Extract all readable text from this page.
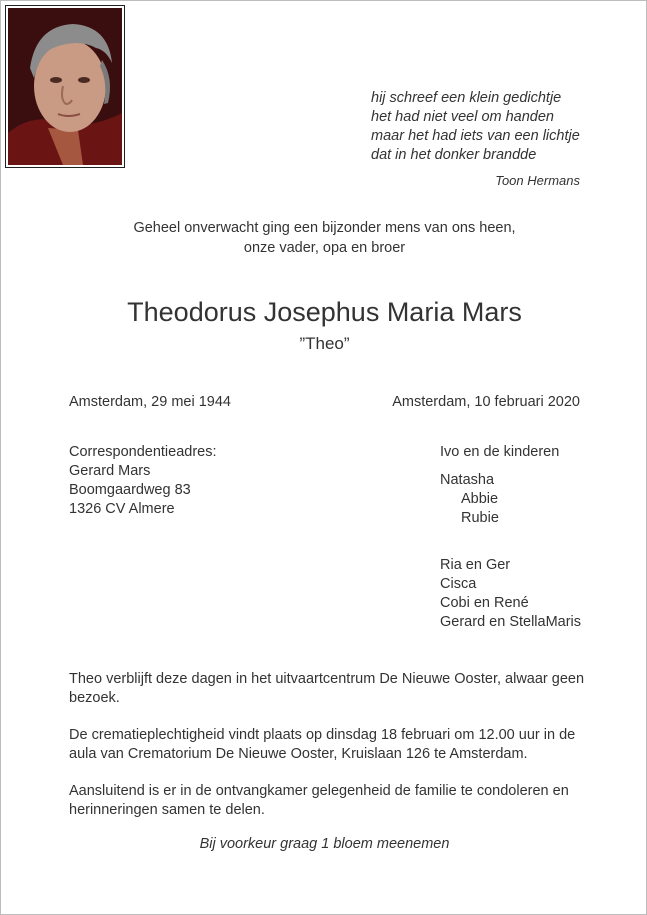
hij schreef een klein gedichtje
het had niet veel om handen
maar het had iets van een lichtje
dat in het donker brandde
Toon Hermans
Geheel onverwacht ging een bijzonder mens van ons heen,
onze vader, opa en broer
Theodorus Josephus Maria Mars
”Theo”
Amsterdam, 29 mei 1944	Amsterdam, 10 februari 2020
Correspondentieadres:
Gerard Mars
Boomgaardweg 83
1326 CV Almere
Ivo en de kinderen
Natasha
Abbie
Rubie
Ria en Ger
Cisca
Cobi en René
Gerard en StellaMaris

Theo verblijft deze dagen in het uitvaartcentrum De Nieuwe Ooster, alwaar geen bezoek.

De crematieplechtigheid vindt plaats op dinsdag 18 februari om 12.00 uur in de aula van Crematorium De Nieuwe Ooster, Kruislaan 126 te Amsterdam.

Aansluitend is er in de ontvangkamer gelegenheid de familie te condoleren en herinneringen samen te delen.

Bij voorkeur graag 1 bloem meenemen
